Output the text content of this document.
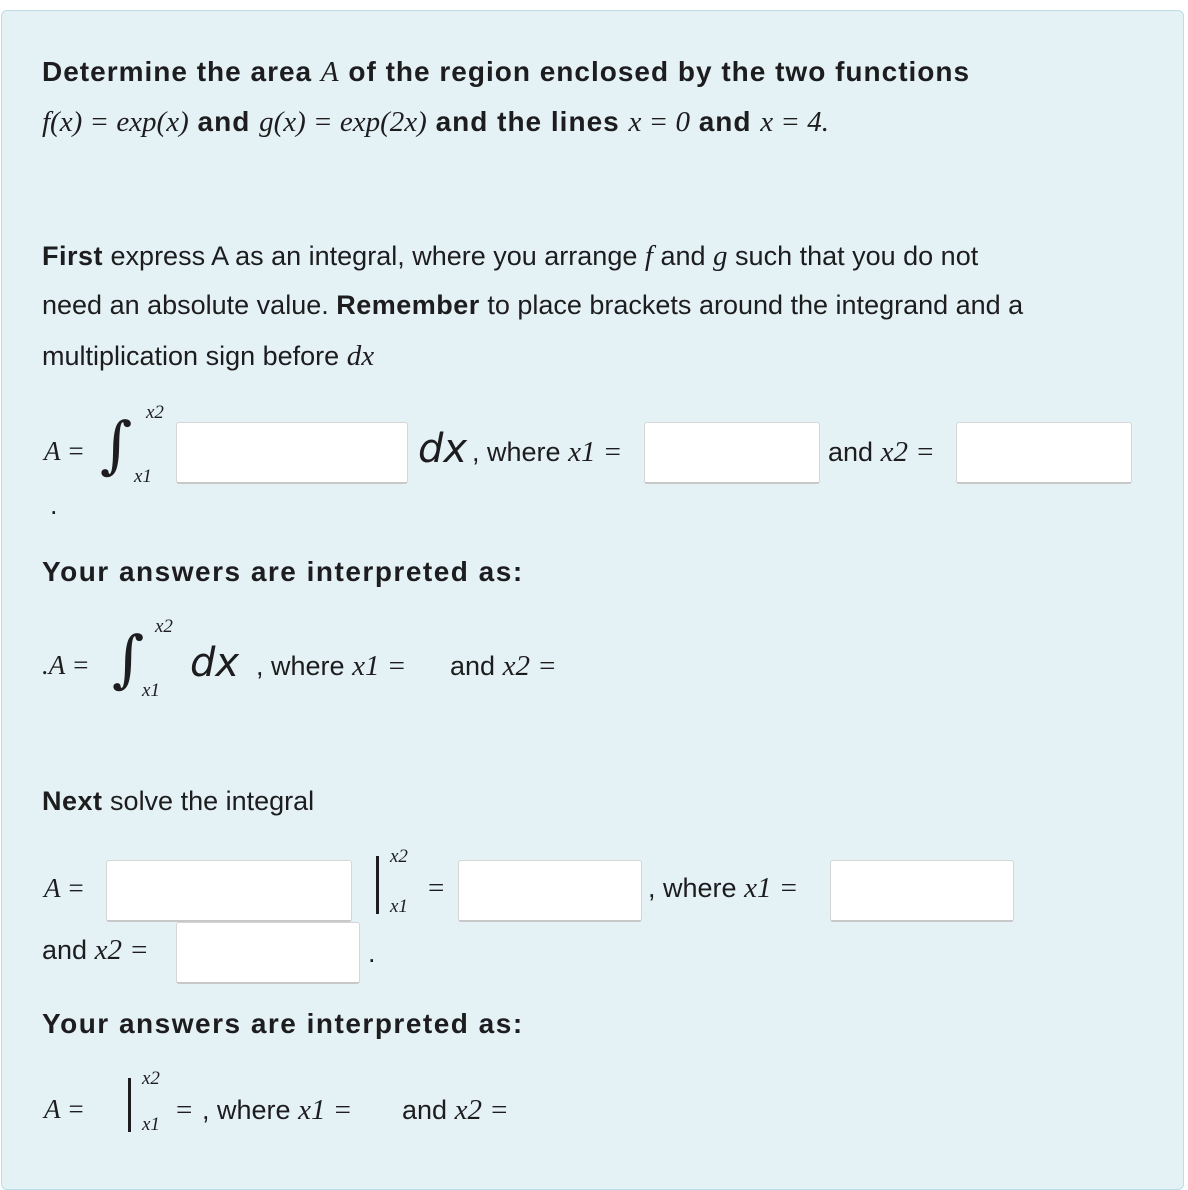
Determine the area A of the region enclosed by the two functions
f(x) = exp(x) and g(x) = exp(2x) and the lines x = 0 and x = 4.
First express A as an integral, where you arrange f and g such that you do not
need an absolute value. Remember to place brackets around the integrand and a
multiplication sign before dx
A = ∫ x2
x1
dx , where x1 =	and x2 =
.
Your answers are interpreted as:
.A = ∫ x2
x1
dx , where x1 = and x2 =
Next solve the integral
A =
x2
x1
=	, where x1 =
and x2 =	.
Your answers are interpreted as:
A =
x2
x1 = , where x1 = and x2 =
